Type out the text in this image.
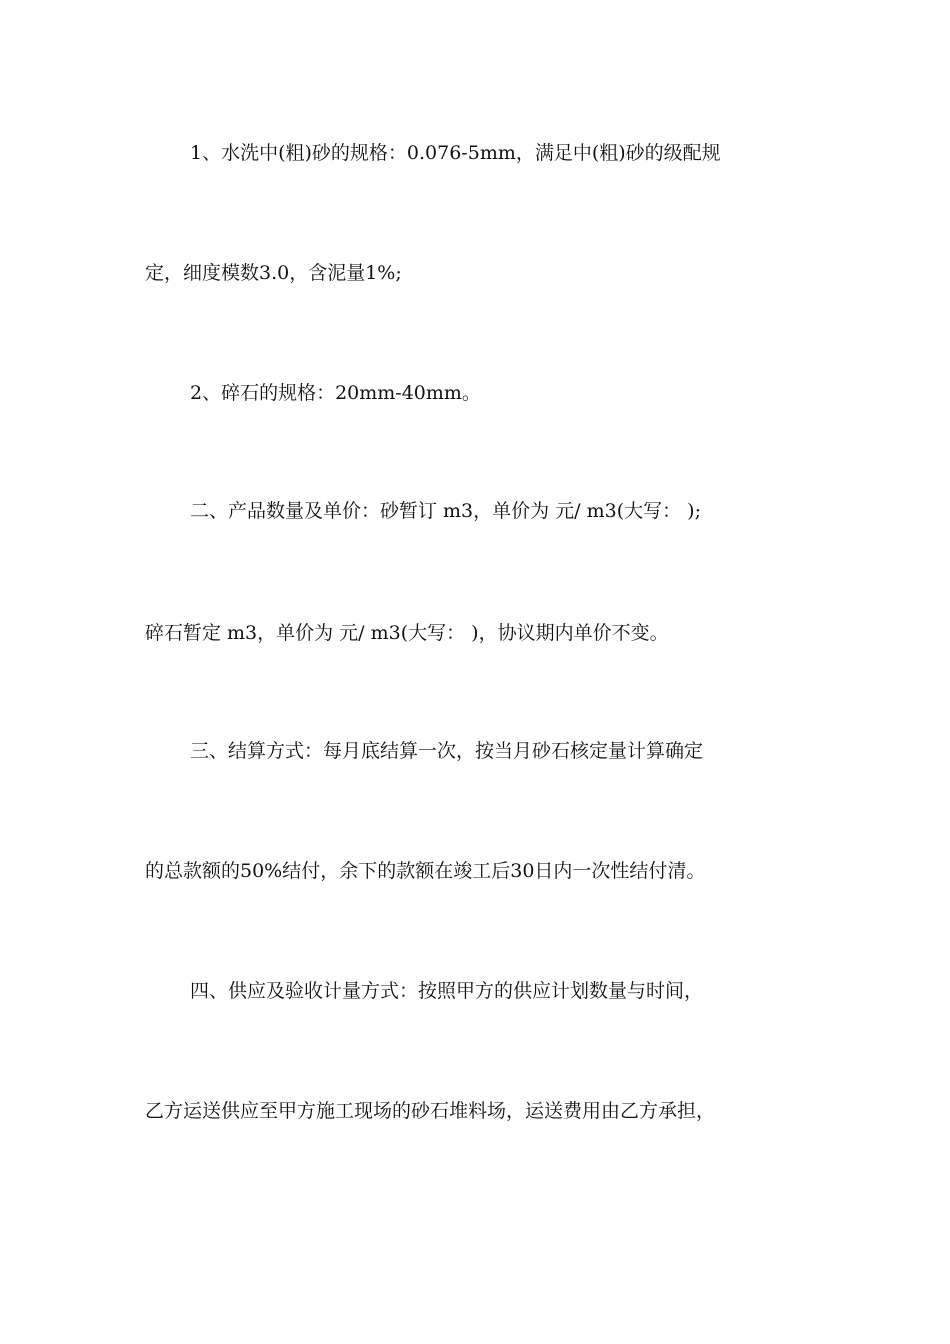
1、水洗中(粗)砂的规格：0.076-5mm，满足中(粗)砂的级配规
定，细度模数3.0，含泥量1%;
2、碎石的规格：20mm-40mm。
二、产品数量及单价：砂暂订 m3，单价为 元/ m3(大写： );
碎石暂定 m3，单价为 元/ m3(大写： )，协议期内单价不变。
三、结算方式：每月底结算一次，按当月砂石核定量计算确定
的总款额的50%结付，余下的款额在竣工后30日内一次性结付清。
四、供应及验收计量方式：按照甲方的供应计划数量与时间，
乙方运送供应至甲方施工现场的砂石堆料场，运送费用由乙方承担，
